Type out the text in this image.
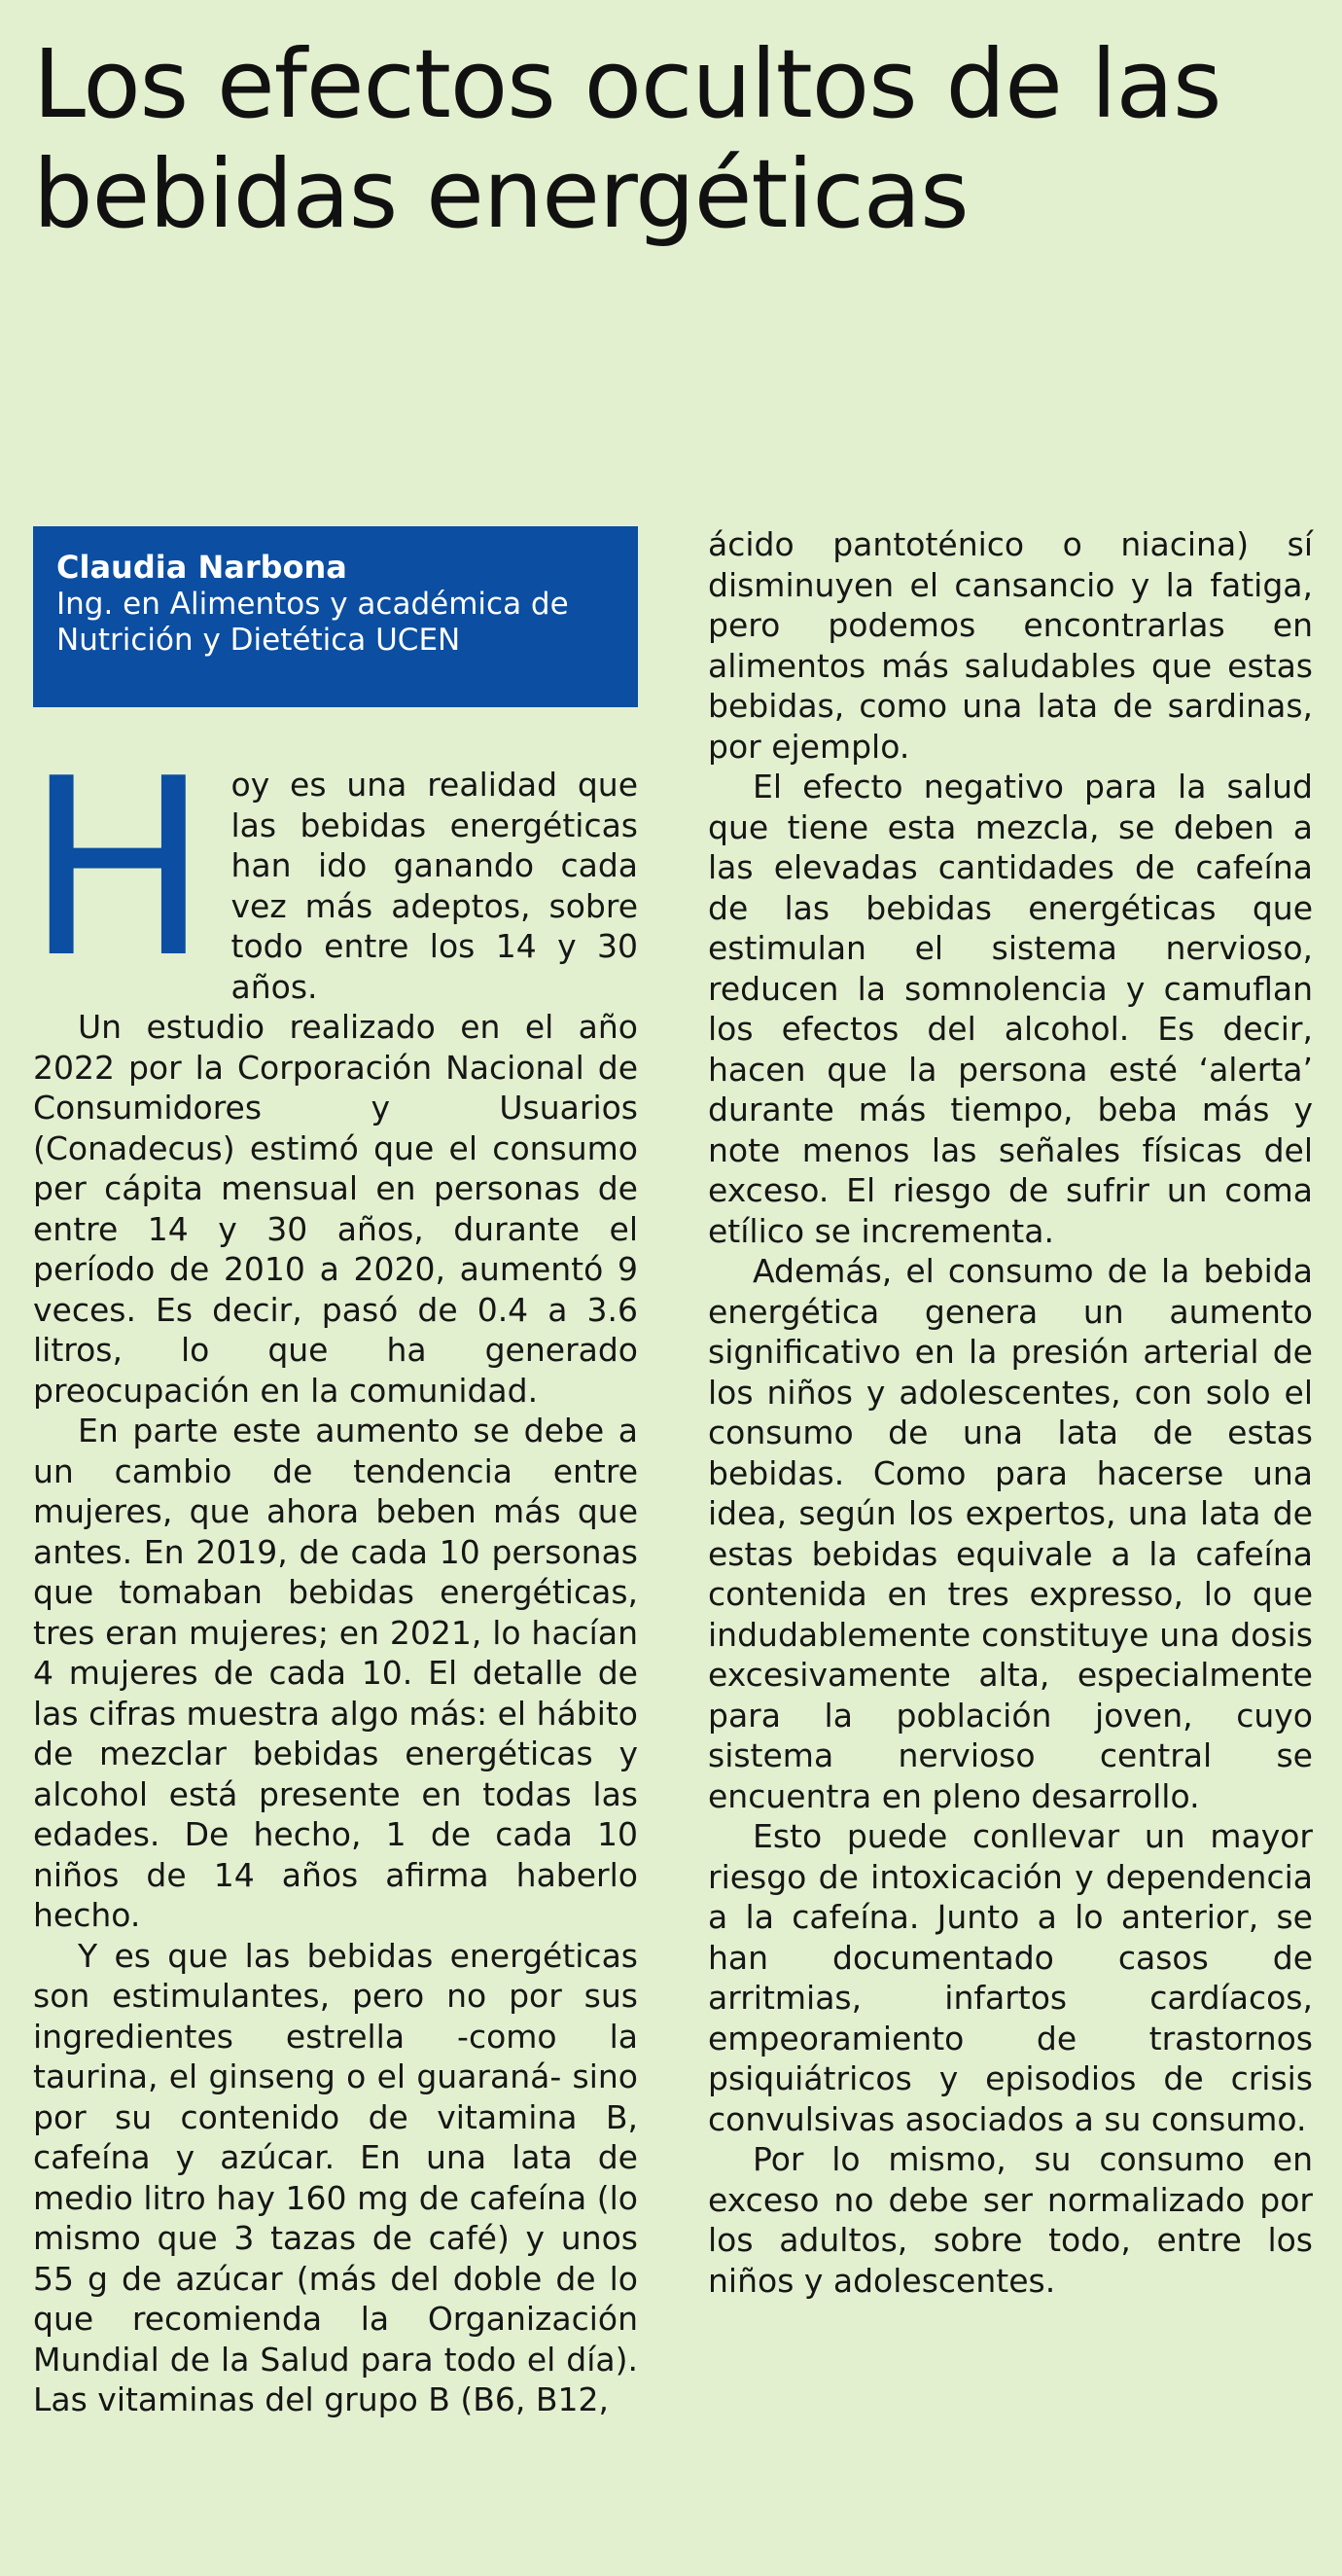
Los efectos ocultos de las bebidas energéticas
Claudia Narbona
Ing. en Alimentos y académica de Nutrición y Dietética UCEN
H oy es una realidad que las bebidas energéticas han ido ganando cada vez más adeptos, sobre todo entre los 14 y 30 años.

Un estudio realizado en el año 2022 por la Corporación Nacional de Consumidores y Usuarios (Conadecus) estimó que el consumo per cápita mensual en personas de entre 14 y 30 años, durante el período de 2010 a 2020, aumentó 9 veces. Es decir, pasó de 0.4 a 3.6 litros, lo que ha generado preocupación en la comunidad.

En parte este aumento se debe a un cambio de tendencia entre mujeres, que ahora beben más que antes. En 2019, de cada 10 personas que tomaban bebidas energéticas, tres eran mujeres; en 2021, lo hacían 4 mujeres de cada 10. El detalle de las cifras muestra algo más: el hábito de mezclar bebidas energéticas y alcohol está presente en todas las edades. De hecho, 1 de cada 10 niños de 14 años afirma haberlo hecho.

Y es que las bebidas energéticas son estimulantes, pero no por sus ingredientes estrella -como la taurina, el ginseng o el guaraná- sino por su contenido de vitamina B, cafeína y azúcar. En una lata de medio litro hay 160 mg de cafeína (lo mismo que 3 tazas de café) y unos 55 g de azúcar (más del doble de lo que recomienda la Organización Mundial de la Salud para todo el día). Las vitaminas del grupo B (B6, B12,

ácido pantoténico o niacina) sí disminuyen el cansancio y la fatiga, pero podemos encontrarlas en alimentos más saludables que estas bebidas, como una lata de sardinas, por ejemplo.

El efecto negativo para la salud que tiene esta mezcla, se deben a las elevadas cantidades de cafeína de las bebidas energéticas que estimulan el sistema nervioso, reducen la somnolencia y camuflan los efectos del alcohol. Es decir, hacen que la persona esté ‘alerta’ durante más tiempo, beba más y note menos las señales físicas del exceso. El riesgo de sufrir un coma etílico se incrementa.

Además, el consumo de la bebida energética genera un aumento significativo en la presión arterial de los niños y adolescentes, con solo el consumo de una lata de estas bebidas. Como para hacerse una idea, según los expertos, una lata de estas bebidas equivale a la cafeína contenida en tres expresso, lo que indudablemente constituye una dosis excesivamente alta, especialmente para la población joven, cuyo sistema nervioso central se encuentra en pleno desarrollo.

Esto puede conllevar un mayor riesgo de intoxicación y dependencia a la cafeína. Junto a lo anterior, se han documentado casos de arritmias, infartos cardíacos, empeoramiento de trastornos psiquiátricos y episodios de crisis convulsivas asociados a su consumo.

Por lo mismo, su consumo en exceso no debe ser normalizado por los adultos, sobre todo, entre los niños y adolescentes.
